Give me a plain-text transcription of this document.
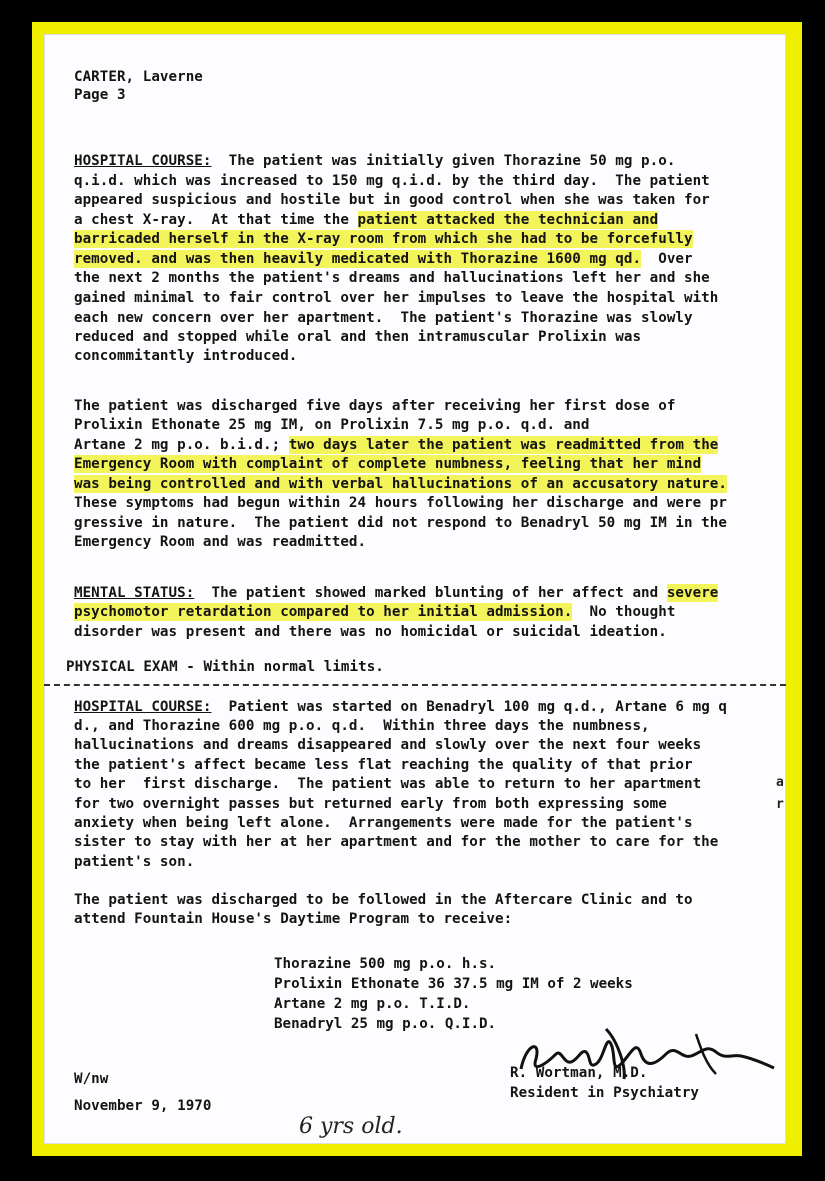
CARTER, Laverne
Page 3
HOSPITAL COURSE:  The patient was initially given Thorazine 50 mg p.o.
q.i.d. which was increased to 150 mg q.i.d. by the third day.  The patient
appeared suspicious and hostile but in good control when she was taken for
a chest X-ray.  At that time the patient attacked the technician and
barricaded herself in the X-ray room from which she had to be forcefully
removed. and was then heavily medicated with Thorazine 1600 mg qd.  Over
the next 2 months the patient's dreams and hallucinations left her and she
gained minimal to fair control over her impulses to leave the hospital with
each new concern over her apartment.  The patient's Thorazine was slowly
reduced and stopped while oral and then intramuscular Prolixin was
concommitantly introduced.
The patient was discharged five days after receiving her first dose of
Prolixin Ethonate 25 mg IM, on Prolixin 7.5 mg p.o. q.d. and
Artane 2 mg p.o. b.i.d.; two days later the patient was readmitted from the
Emergency Room with complaint of complete numbness, feeling that her mind
was being controlled and with verbal hallucinations of an accusatory nature.
These symptoms had begun within 24 hours following her discharge and were pr
gressive in nature.  The patient did not respond to Benadryl 50 mg IM in the
Emergency Room and was readmitted.
MENTAL STATUS:  The patient showed marked blunting of her affect and severe
psychomotor retardation compared to her initial admission.  No thought
disorder was present and there was no homicidal or suicidal ideation.
PHYSICAL EXAM - Within normal limits.
HOSPITAL COURSE:  Patient was started on Benadryl 100 mg q.d., Artane 6 mg q
d., and Thorazine 600 mg p.o. q.d.  Within three days the numbness,
hallucinations and dreams disappeared and slowly over the next four weeks
the patient's affect became less flat reaching the quality of that prior
to her  first discharge.  The patient was able to return to her apartment
for two overnight passes but returned early from both expressing some
anxiety when being left alone.  Arrangements were made for the patient's
sister to stay with her at her apartment and for the mother to care for the
patient's son.
a
r
The patient was discharged to be followed in the Aftercare Clinic and to
attend Fountain House's Daytime Program to receive:
Thorazine 500 mg p.o. h.s.
Prolixin Ethonate 36 37.5 mg IM of 2 weeks
Artane 2 mg p.o. T.I.D.
Benadryl 25 mg p.o. Q.I.D.
W/nw
November 9, 1970
R. Wortman, M.D.
Resident in Psychiatry
6 yrs old.
